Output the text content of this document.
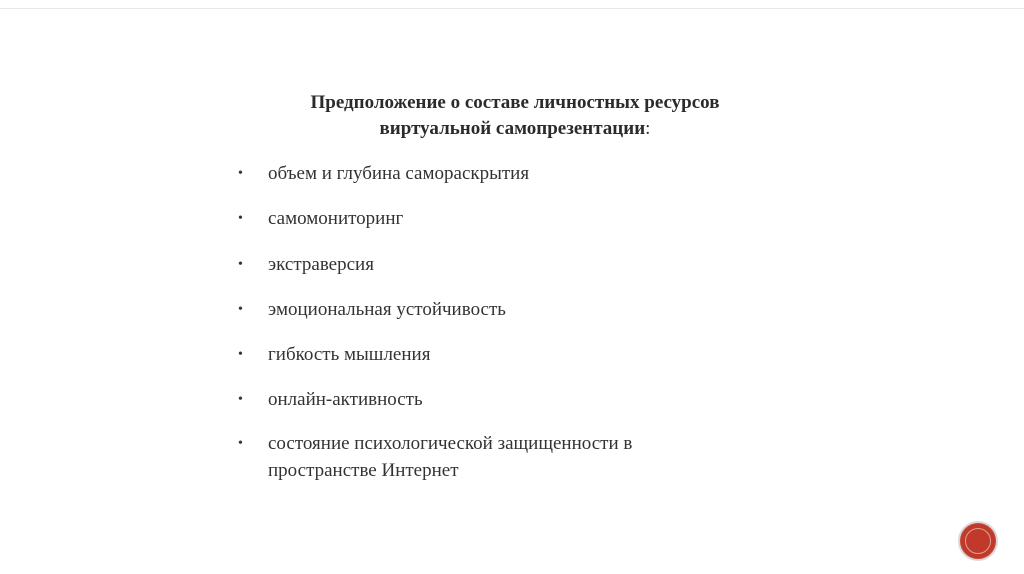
Предположение о составе личностных ресурсов
виртуальной самопрезентации:
• объем и глубина самораскрытия
• самомониторинг
• экстраверсия
• эмоциональная устойчивость
• гибкость мышления
• онлайн-активность
• состояние психологической защищенности в
пространстве Интернет
